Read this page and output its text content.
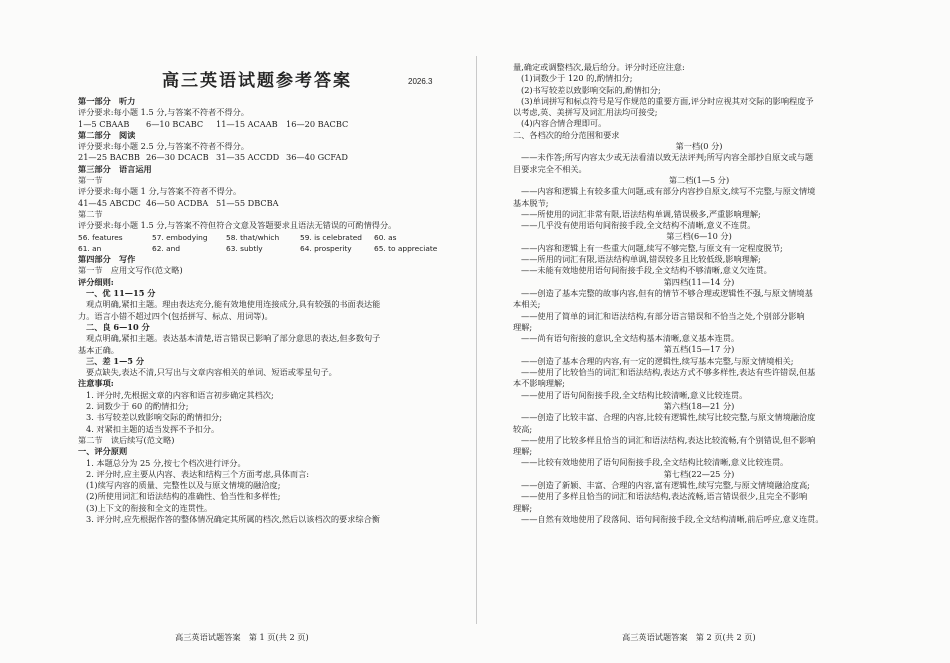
高三英语试题参考答案	2026.3
第一部分　听力
评分要求:每小题 1.5 分,与答案不符者不得分。
1—5 CBAAB	6—10 BCABC	11—15 ACAAB	16—20 BACBC
第二部分　阅读
评分要求:每小题 2.5 分,与答案不符者不得分。
21—25 BACBB 26—30 DCACB 31—35 ACCDD 36—40 GCFAD
第三部分　语言运用
第一节
评分要求:每小题 1 分,与答案不符者不得分。
41—45 ABCDC 46—50 ACDBA 51—55 DBCBA
第二节
评分要求:每小题 1.5 分,与答案不符但符合文意及答题要求且语法无错误的可酌情得分。
56. features	57. embodying	58. that/which	59. is celebrated	60. as
61. an	62. and	63. subtly	64. prosperity	65. to appreciate
第四部分　写作
第一节　应用文写作(范文略)
评分细则:
一、优 11—15 分
观点明确,紧扣主题。理由表达充分,能有效地使用连接成分,具有较强的书面表达能
力。语言小错不超过四个(包括拼写、标点、用词等)。
二、良 6—10 分
观点明确,紧扣主题。表达基本清楚,语言错误已影响了部分意思的表达,但多数句子
基本正确。
三、差 1—5 分
要点缺失,表达不清,只写出与文章内容相关的单词、短语或零星句子。
注意事项:
1. 评分时,先根据文章的内容和语言初步确定其档次;
2. 词数少于 60 的酌情扣分;
3. 书写较差以致影响交际的酌情扣分;
4. 对紧扣主题的适当发挥不予扣分。
第二节　读后续写(范文略)
一、评分原则
1. 本题总分为 25 分,按七个档次进行评分。
2. 评分时,应主要从内容、表达和结构三个方面考虑,具体而言:
(1)续写内容的质量、完整性以及与原文情境的融洽度;
(2)所使用词汇和语法结构的准确性、恰当性和多样性;
(3)上下文的衔接和全文的连贯性。
3. 评分时,应先根据作答的整体情况确定其所属的档次,然后以该档次的要求综合衡
量,确定或调整档次,最后给分。评分时还应注意:
(1)词数少于 120 的,酌情扣分;
(2)书写较差以致影响交际的,酌情扣分;
(3)单词拼写和标点符号是写作规范的重要方面,评分时应视其对交际的影响程度予
以考虑,英、美拼写及词汇用法均可接受;
(4)内容合情合理即可。
二、各档次的给分范围和要求
第一档(0 分)
——未作答;所写内容太少或无法看清以致无法评判;所写内容全部抄自原文或与题
目要求完全不相关。
第二档(1—5 分)
——内容和逻辑上有较多重大问题,或有部分内容抄自原文,续写不完整,与原文情境
基本脱节;
——所使用的词汇非常有限,语法结构单调,错误极多,严重影响理解;
——几乎没有使用语句间衔接手段,全文结构不清晰,意义不连贯。
第三档(6—10 分)
——内容和逻辑上有一些重大问题,续写不够完整,与原文有一定程度脱节;
——所用的词汇有限,语法结构单调,错误较多且比较低级,影响理解;
——未能有效地使用语句间衔接手段,全文结构不够清晰,意义欠连贯。
第四档(11—14 分)
——创造了基本完整的故事内容,但有的情节不够合理或逻辑性不强,与原文情境基
本相关;
——使用了简单的词汇和语法结构,有部分语言错误和不恰当之处,个别部分影响
理解;
——尚有语句衔接的意识,全文结构基本清晰,意义基本连贯。
第五档(15—17 分)
——创造了基本合理的内容,有一定的逻辑性,续写基本完整,与原文情境相关;
——使用了比较恰当的词汇和语法结构,表达方式不够多样性,表达有些许错误,但基
本不影响理解;
——使用了语句间衔接手段,全文结构比较清晰,意义比较连贯。
第六档(18—21 分)
——创造了比较丰富、合理的内容,比较有逻辑性,续写比较完整,与原文情境融洽度
较高;
——使用了比较多样且恰当的词汇和语法结构,表达比较流畅,有个别错误,但不影响
理解;
——比较有效地使用了语句间衔接手段,全文结构比较清晰,意义比较连贯。
第七档(22—25 分)
——创造了新颖、丰富、合理的内容,富有逻辑性,续写完整,与原文情境融洽度高;
——使用了多样且恰当的词汇和语法结构,表达流畅,语言错误很少,且完全不影响
理解;
——自然有效地使用了段落间、语句间衔接手段,全文结构清晰,前后呼应,意义连贯。
高三英语试题答案　第 1 页(共 2 页)	高三英语试题答案　第 2 页(共 2 页)
